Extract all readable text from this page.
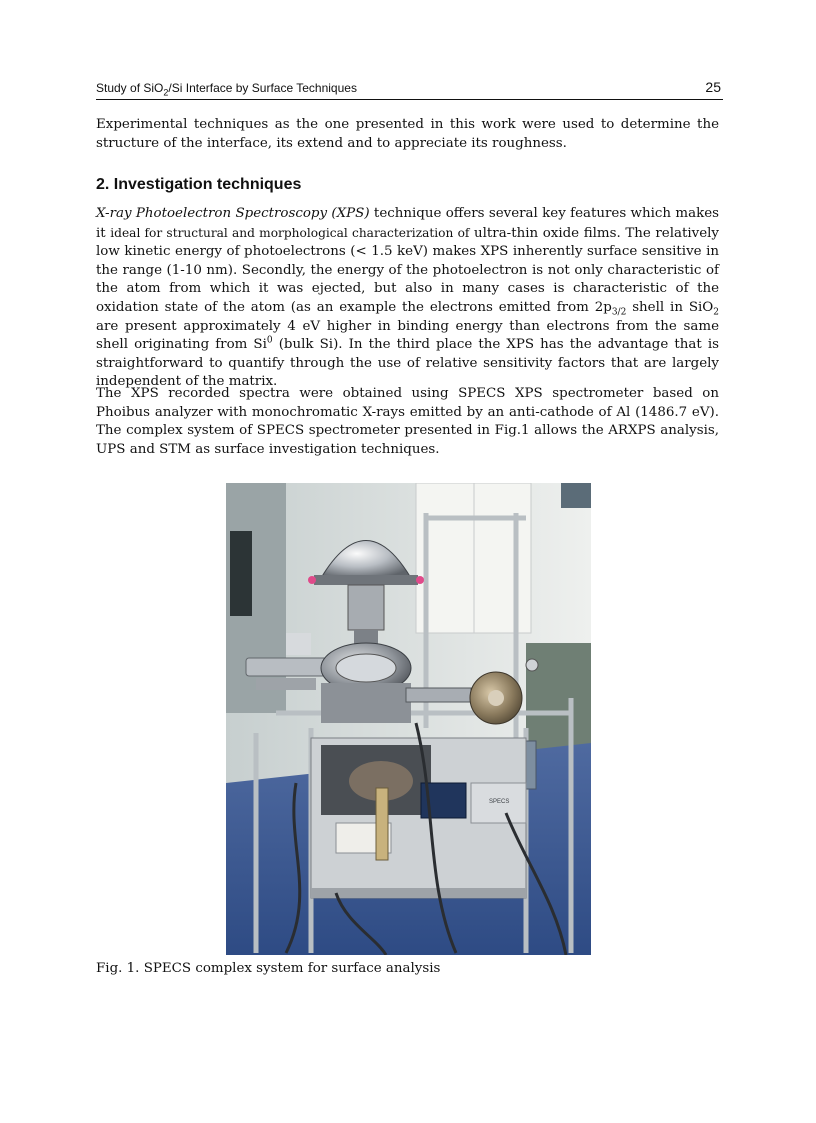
Study of SiO$_2$/Si Interface by Surface Techniques	25

Experimental techniques as the one presented in this work were used to determine the structure of the interface, its extend and to appreciate its roughness.

2. Investigation techniques

X-ray Photoelectron Spectroscopy (XPS) technique offers several key features which makes it ideal for structural and morphological characterization of ultra-thin oxide films. The relatively low kinetic energy of photoelectrons (< 1.5 keV) makes XPS inherently surface sensitive in the range (1-10 nm). Secondly, the energy of the photoelectron is not only characteristic of the atom from which it was ejected, but also in many cases is characteristic of the oxidation state of the atom (as an example the electrons emitted from $2p_{3/2}$ shell in SiO$_2$ are present approximately 4 eV higher in binding energy than electrons from the same shell originating from Si$^0$ (bulk Si). In the third place the XPS has the advantage that is straightforward to quantify through the use of relative sensitivity factors that are largely independent of the matrix.

The XPS recorded spectra were obtained using SPECS XPS spectrometer based on Phoibus analyzer with monochromatic X-rays emitted by an anti-cathode of Al (1486.7 eV). The complex system of SPECS spectrometer presented in Fig.1 allows the ARXPS analysis, UPS and STM as surface investigation techniques.

SPECS

Fig. 1. SPECS complex system for surface analysis
